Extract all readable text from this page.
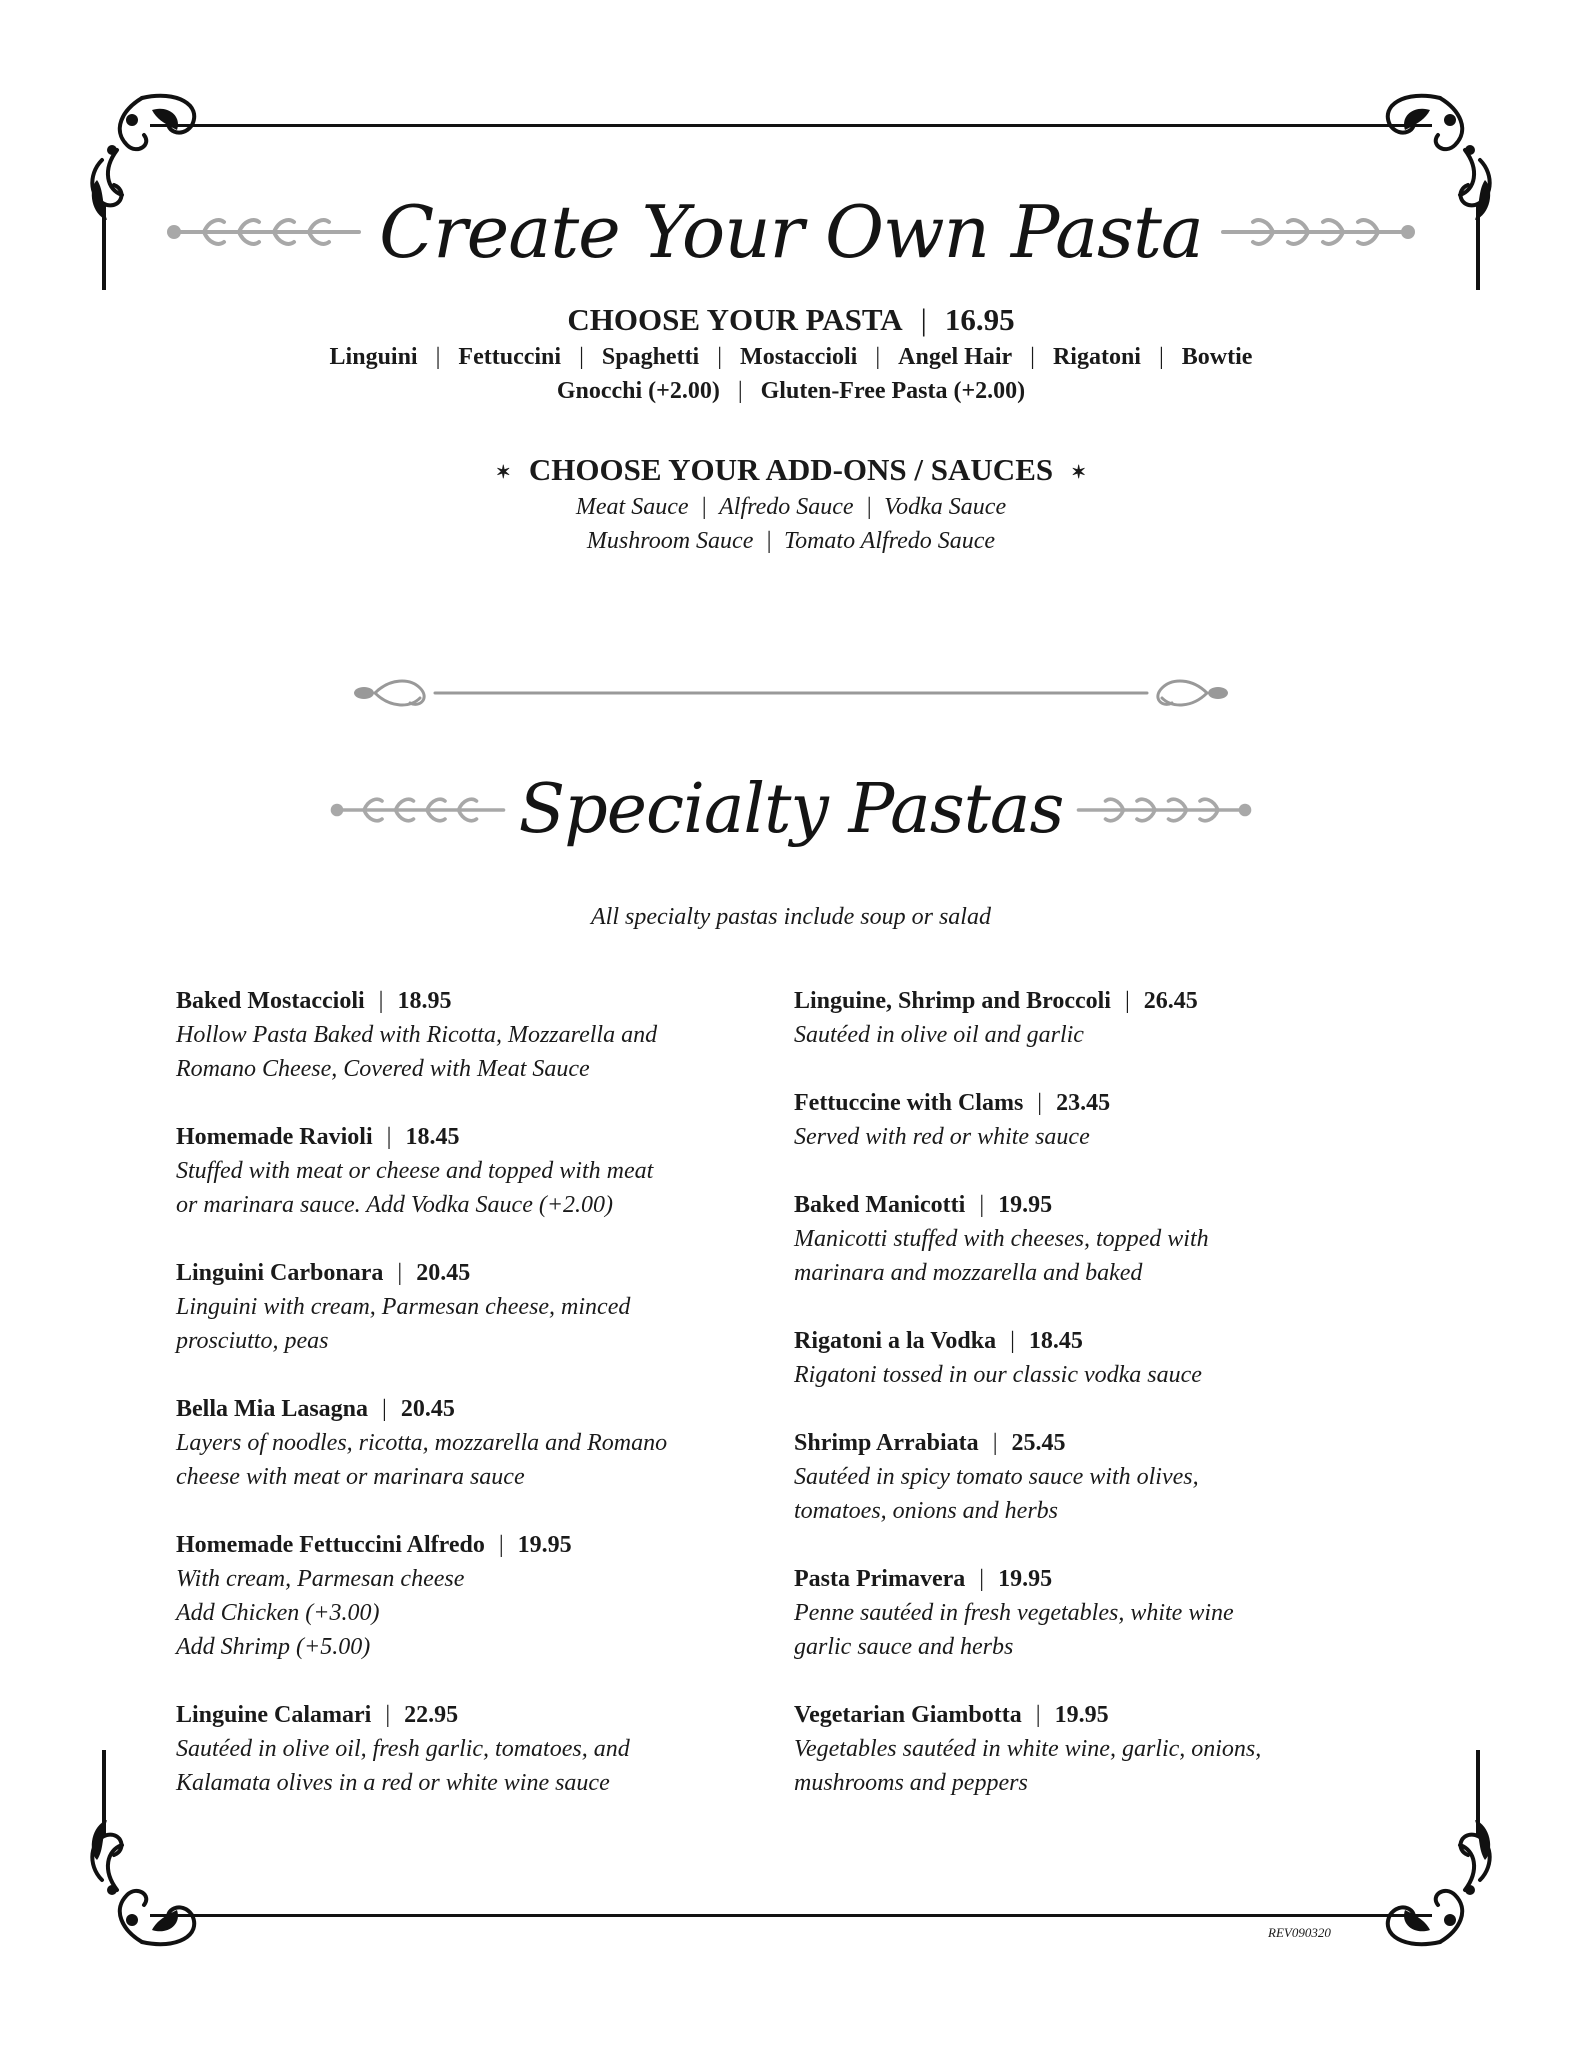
Create Your Own Pasta
CHOOSE YOUR PASTA | 16.95
Linguini | Fettuccini | Spaghetti | Mostaccioli | Angel Hair | Rigatoni | Bowtie
Gnocchi (+2.00) | Gluten-Free Pasta (+2.00)
✶ CHOOSE YOUR ADD-ONS / SAUCES ✶
Meat Sauce | Alfredo Sauce | Vodka Sauce
Mushroom Sauce | Tomato Alfredo Sauce
Specialty Pastas
All specialty pastas include soup or salad
Baked Mostaccioli | 18.95
Hollow Pasta Baked with Ricotta, Mozzarella and
Romano Cheese, Covered with Meat Sauce
Homemade Ravioli | 18.45
Stuffed with meat or cheese and topped with meat
or marinara sauce. Add Vodka Sauce (+2.00)
Linguini Carbonara | 20.45
Linguini with cream, Parmesan cheese, minced
prosciutto, peas
Bella Mia Lasagna | 20.45
Layers of noodles, ricotta, mozzarella and Romano
cheese with meat or marinara sauce
Homemade Fettuccini Alfredo | 19.95
With cream, Parmesan cheese
Add Chicken (+3.00)
Add Shrimp (+5.00)
Linguine Calamari | 22.95
Sautéed in olive oil, fresh garlic, tomatoes, and
Kalamata olives in a red or white wine sauce
Linguine, Shrimp and Broccoli | 26.45
Sautéed in olive oil and garlic
Fettuccine with Clams | 23.45
Served with red or white sauce
Baked Manicotti | 19.95
Manicotti stuffed with cheeses, topped with
marinara and mozzarella and baked
Rigatoni a la Vodka | 18.45
Rigatoni tossed in our classic vodka sauce
Shrimp Arrabiata | 25.45
Sautéed in spicy tomato sauce with olives,
tomatoes, onions and herbs
Pasta Primavera | 19.95
Penne sautéed in fresh vegetables, white wine
garlic sauce and herbs
Vegetarian Giambotta | 19.95
Vegetables sautéed in white wine, garlic, onions,
mushrooms and peppers
REV090320
